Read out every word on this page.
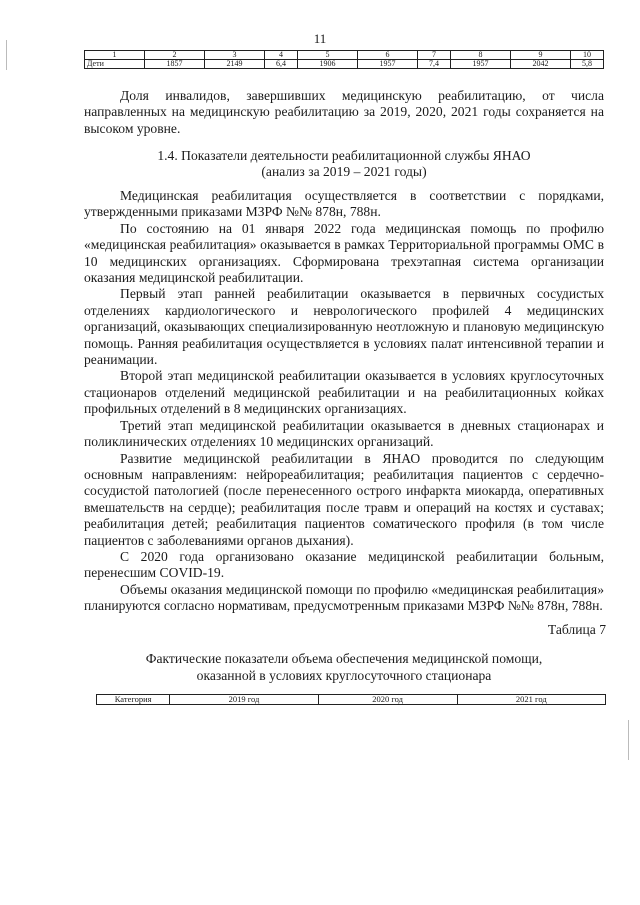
11
1	2	3	4	5	6	7	8	9	10
Дети	1857	2149	6,4	1906	1957	7,4	1957	2042	5,8

Доля инвалидов, завершивших медицинскую реабилитацию, от числа направленных на медицинскую реабилитацию за 2019, 2020, 2021 годы сохраняется на высоком уровне.

1.4. Показатели деятельности реабилитационной службы ЯНАО
(анализ за 2019 – 2021 годы)

Медицинская реабилитация осуществляется в соответствии с порядками, утвержденными приказами МЗРФ №№ 878н, 788н.

По состоянию на 01 января 2022 года медицинская помощь по профилю «медицинская реабилитация» оказывается в рамках Территориальной программы ОМС в 10 медицинских организациях. Сформирована трехэтапная система организации оказания медицинской реабилитации.

Первый этап ранней реабилитации оказывается в первичных сосудистых отделениях кардиологического и неврологического профилей 4 медицинских организаций, оказывающих специализированную неотложную и плановую медицинскую помощь. Ранняя реабилитация осуществляется в условиях палат интенсивной терапии и реанимации.

Второй этап медицинской реабилитации оказывается в условиях круглосуточных стационаров отделений медицинской реабилитации и на реабилитационных койках профильных отделений в 8 медицинских организациях.

Третий этап медицинской реабилитации оказывается в дневных стационарах и поликлинических отделениях 10 медицинских организаций.

Развитие медицинской реабилитации в ЯНАО проводится по следующим основным направлениям: нейрореабилитация; реабилитация пациентов с сердечно-сосудистой патологией (после перенесенного острого инфаркта миокарда, оперативных вмешательств на сердце); реабилитация после травм и операций на костях и суставах; реабилитация детей; реабилитация пациентов соматического профиля (в том числе пациентов с заболеваниями органов дыхания).

С 2020 года организовано оказание медицинской реабилитации больным, перенесшим COVID-19.

Объемы оказания медицинской помощи по профилю «медицинская реабилитация» планируются согласно нормативам, предусмотренным приказами МЗРФ №№ 878н, 788н.

Таблица 7
Фактические показатели объема обеспечения медицинской помощи,
оказанной в условиях круглосуточного стационара
Категория	2019 год	2020 год	2021 год
